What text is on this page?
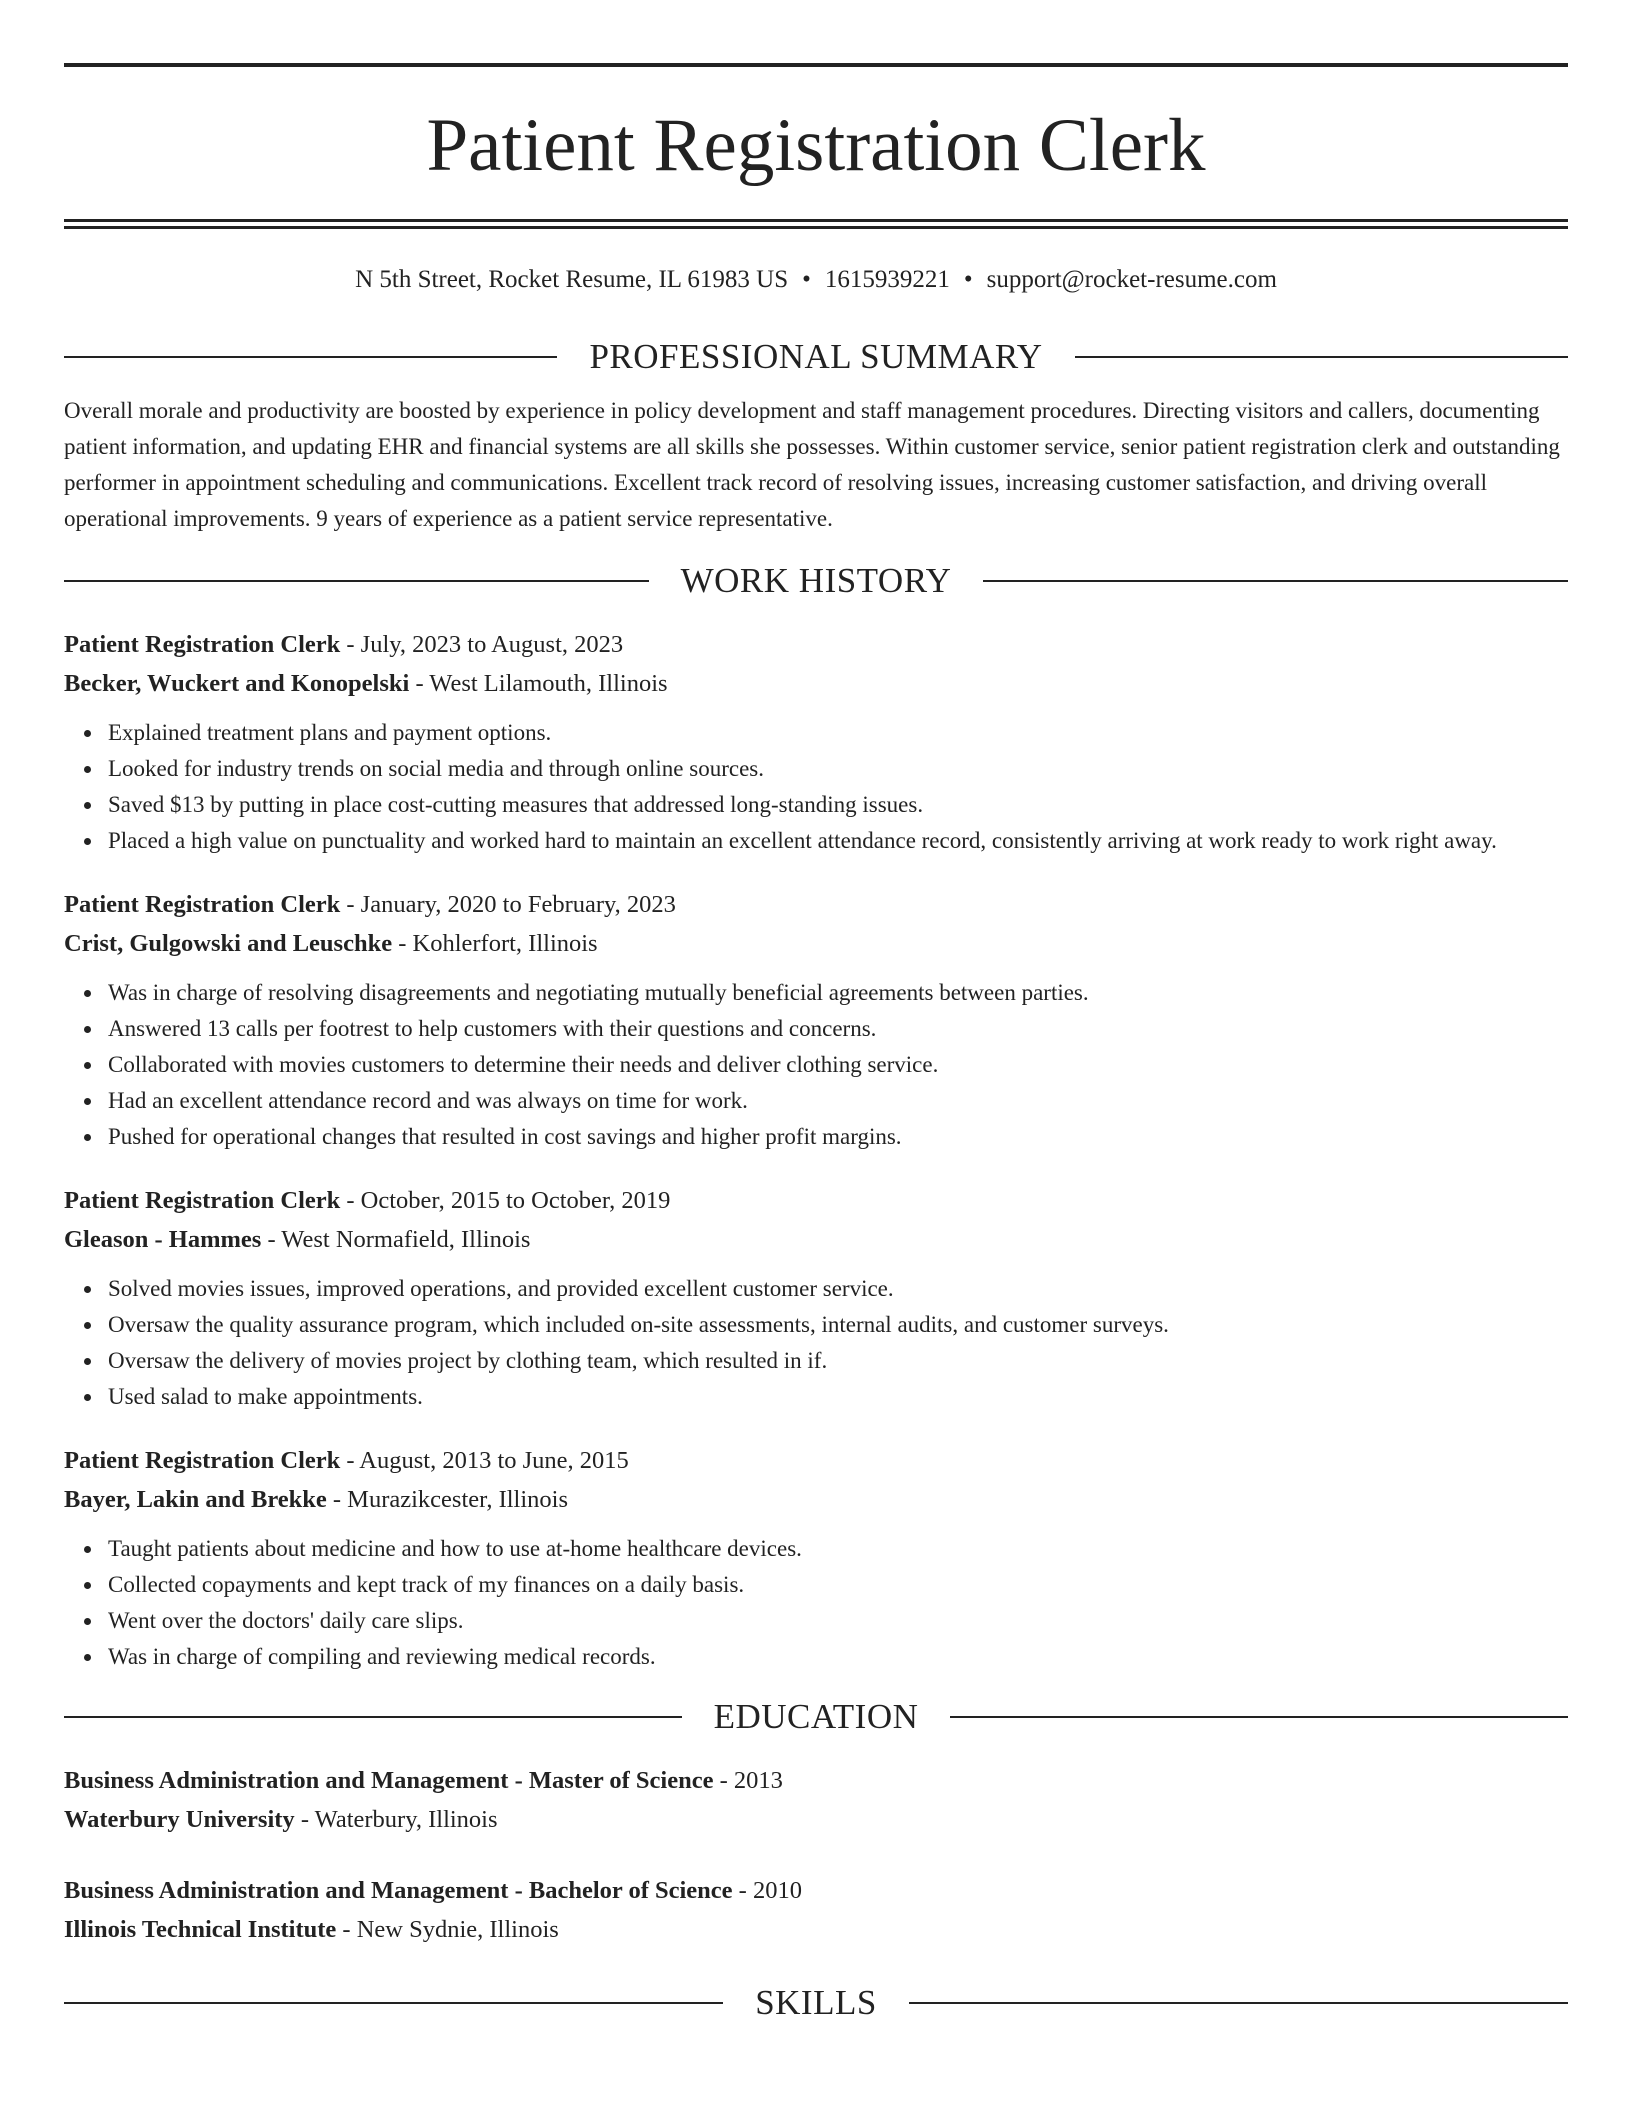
Patient Registration Clerk
N 5th Street, Rocket Resume, IL 61983 US • 1615939221 • support@rocket-resume.com
PROFESSIONAL SUMMARY

Overall morale and productivity are boosted by experience in policy development and staff management procedures. Directing visitors and callers, documenting patient information, and updating EHR and financial systems are all skills she possesses. Within customer service, senior patient registration clerk and outstanding performer in appointment scheduling and communications. Excellent track record of resolving issues, increasing customer satisfaction, and driving overall operational improvements. 9 years of experience as a patient service representative.

WORK HISTORY
Patient Registration Clerk - July, 2023 to August, 2023
Becker, Wuckert and Konopelski - West Lilamouth, Illinois
Explained treatment plans and payment options.
Looked for industry trends on social media and through online sources.
Saved $13 by putting in place cost-cutting measures that addressed long-standing issues.
Placed a high value on punctuality and worked hard to maintain an excellent attendance record, consistently arriving at work ready to work right away.
Patient Registration Clerk - January, 2020 to February, 2023
Crist, Gulgowski and Leuschke - Kohlerfort, Illinois
Was in charge of resolving disagreements and negotiating mutually beneficial agreements between parties.
Answered 13 calls per footrest to help customers with their questions and concerns.
Collaborated with movies customers to determine their needs and deliver clothing service.
Had an excellent attendance record and was always on time for work.
Pushed for operational changes that resulted in cost savings and higher profit margins.
Patient Registration Clerk - October, 2015 to October, 2019
Gleason - Hammes - West Normafield, Illinois
Solved movies issues, improved operations, and provided excellent customer service.
Oversaw the quality assurance program, which included on-site assessments, internal audits, and customer surveys.
Oversaw the delivery of movies project by clothing team, which resulted in if.
Used salad to make appointments.
Patient Registration Clerk - August, 2013 to June, 2015
Bayer, Lakin and Brekke - Murazikcester, Illinois
Taught patients about medicine and how to use at-home healthcare devices.
Collected copayments and kept track of my finances on a daily basis.
Went over the doctors' daily care slips.
Was in charge of compiling and reviewing medical records.
EDUCATION
Business Administration and Management - Master of Science - 2013
Waterbury University - Waterbury, Illinois
Business Administration and Management - Bachelor of Science - 2010
Illinois Technical Institute - New Sydnie, Illinois
SKILLS
